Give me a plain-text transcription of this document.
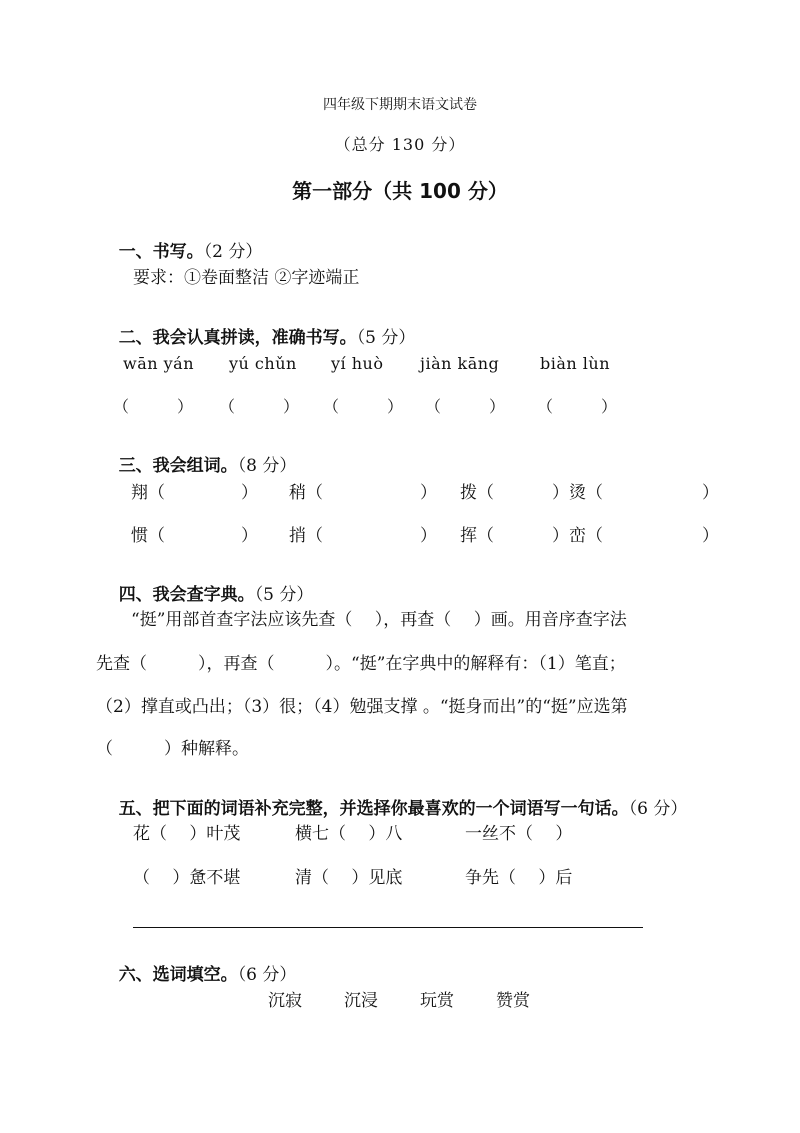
四年级下期期末语文试卷
（总分 130 分）
第一部分（共 100 分）

一、书写。（2 分）

要求：①卷面整洁 ②字迹端正

二、我会认真拼读，准确书写。（5 分）

wān yán yú chǔn yí huò jiàn kāng	biàn lùn
（　　　） （　　　） （　　　） （　　　） （　　　）

三、我会组词。（8 分）

翔（	） 稍（	） 拨（	）烫（	）
惯（	） 捎（	） 挥（	）峦（	）

四、我会查字典。（5 分）

“挺”用部首查字法应该先查（　 ），再查（　 ）画。用音序查字法
先查（　　　），再查（　　　）。“挺”在字典中的解释有：（1）笔直；
（2）撑直或凸出；（3）很；（4）勉强支撑 。“挺身而出”的“挺”应选第
（　　　）种解释。

五、把下面的词语补充完整，并选择你最喜欢的一个词语写一句话。（6 分）

花（　 ）叶茂	横七（　 ）八	一丝不（　 ）
（　 ）惫不堪	清（　 ）见底	争先（　 ）后

六、选词填空。（6 分）

沉寂 沉浸 玩赏 赞赏
